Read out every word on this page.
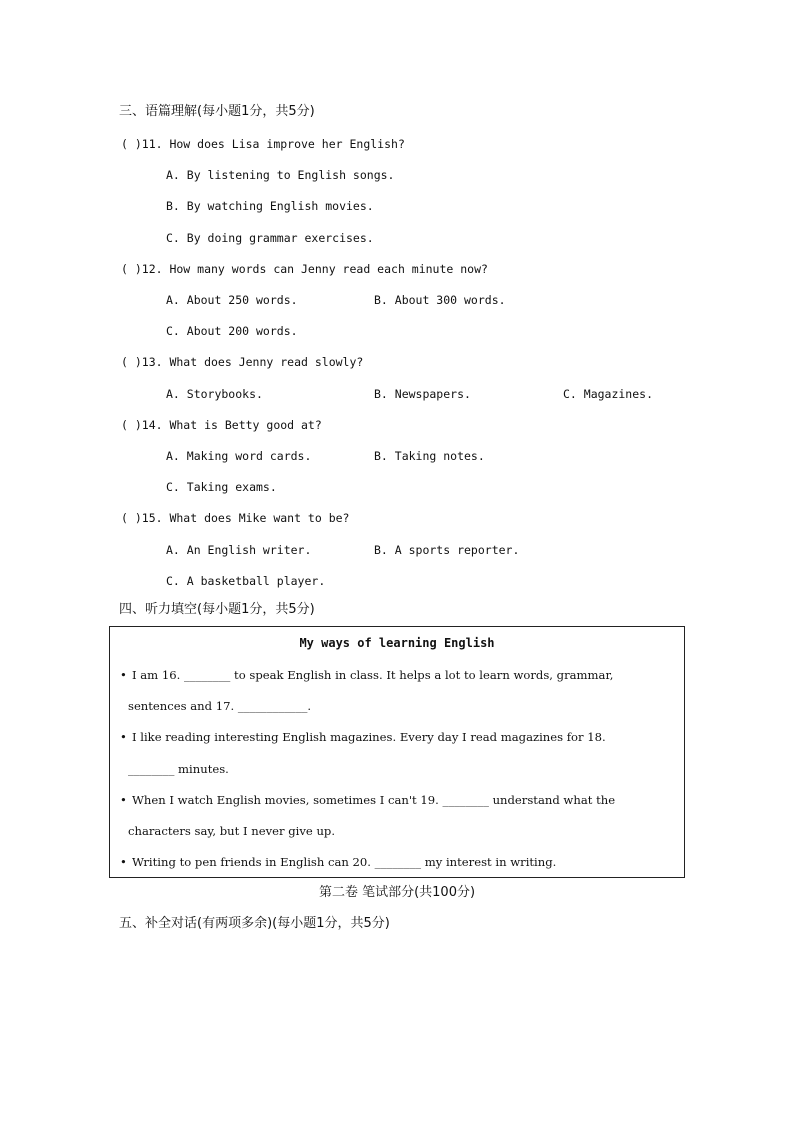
三、语篇理解(每小题1分，共5分)
( )11. How does Lisa improve her English?
A. By listening to English songs.
B. By watching English movies.
C. By doing grammar exercises.
( )12. How many words can Jenny read each minute now?
A. About 250 words.	B. About 300 words.
C. About 200 words.
( )13. What does Jenny read slowly?
A. Storybooks.	B. Newspapers.	C. Magazines.
( )14. What is Betty good at?
A. Making word cards.	B. Taking notes.
C. Taking exams.
( )15. What does Mike want to be?
A. An English writer.	B. A sports reporter.
C. A basketball player.
四、听力填空(每小题1分，共5分)
My ways of learning English
• I am 16. ________ to speak English in class. It helps a lot to learn words, grammar,
sentences and 17. ____________.
• I like reading interesting English magazines. Every day I read magazines for 18.
________ minutes.
• When I watch English movies, sometimes I can't 19. ________ understand what the
characters say, but I never give up.
• Writing to pen friends in English can 20. ________ my interest in writing.
第二卷 笔试部分(共100分)
五、补全对话(有两项多余)(每小题1分，共5分)
